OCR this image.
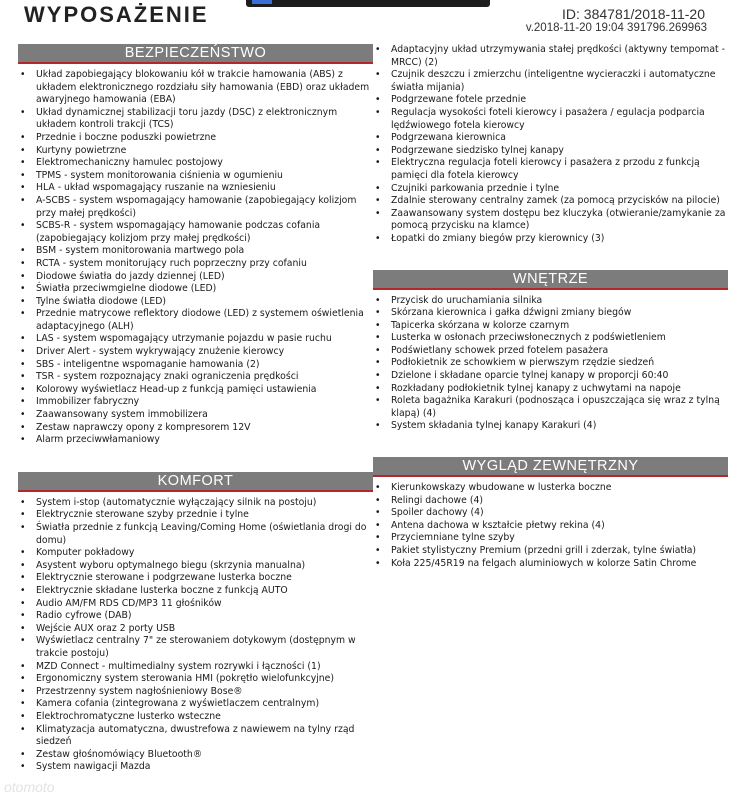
WYPOSAŻENIE	ID: 384781/2018-11-20
v.2018-11-20 19:04 391796.269963
BEZPIECZEŃSTWO
• Układ zapobiegający blokowaniu kół w trakcie hamowania (ABS) z układem elektronicznego rozdziału siły hamowania (EBD) oraz układem awaryjnego hamowania (EBA)
• Układ dynamicznej stabilizacji toru jazdy (DSC) z elektronicznym układem kontroli trakcji (TCS)
• Przednie i boczne poduszki powietrzne
• Kurtyny powietrzne
• Elektromechaniczny hamulec postojowy
• TPMS - system monitorowania ciśnienia w ogumieniu
• HLA - układ wspomagający ruszanie na wzniesieniu
• A-SCBS - system wspomagający hamowanie (zapobiegający kolizjom przy małej prędkości)
• SCBS-R - system wspomagający hamowanie podczas cofania (zapobiegający kolizjom przy małej prędkości)
• BSM - system monitorowania martwego pola
• RCTA - system monitorujący ruch poprzeczny przy cofaniu
• Diodowe światła do jazdy dziennej (LED)
• Światła przeciwmgielne diodowe (LED)
• Tylne światła diodowe (LED)
• Przednie matrycowe reflektory diodowe (LED) z systemem oświetlenia adaptacyjnego (ALH)
• LAS - system wspomagający utrzymanie pojazdu w pasie ruchu
• Driver Alert - system wykrywający znużenie kierowcy
• SBS - inteligentne wspomaganie hamowania (2)
• TSR - system rozpoznający znaki ograniczenia prędkości
• Kolorowy wyświetlacz Head-up z funkcją pamięci ustawienia
• Immobilizer fabryczny
• Zaawansowany system immobilizera
• Zestaw naprawczy opony z kompresorem 12V
• Alarm przeciwwłamaniowy
KOMFORT
• System i-stop (automatycznie wyłączający silnik na postoju)
• Elektrycznie sterowane szyby przednie i tylne
• Światła przednie z funkcją Leaving/Coming Home (oświetlania drogi do domu)
• Komputer pokładowy
• Asystent wyboru optymalnego biegu (skrzynia manualna)
• Elektrycznie sterowane i podgrzewane lusterka boczne
• Elektrycznie składane lusterka boczne z funkcją AUTO
• Audio AM/FM RDS CD/MP3 11 głośników
• Radio cyfrowe (DAB)
• Wejście AUX oraz 2 porty USB
• Wyświetlacz centralny 7" ze sterowaniem dotykowym (dostępnym w trakcie postoju)
• MZD Connect - multimedialny system rozrywki i łączności (1)
• Ergonomiczny system sterowania HMI (pokrętło wielofunkcyjne)
• Przestrzenny system nagłośnieniowy Bose®
• Kamera cofania (zintegrowana z wyświetlaczem centralnym)
• Elektrochromatyczne lusterko wsteczne
• Klimatyzacja automatyczna, dwustrefowa z nawiewem na tylny rząd siedzeń
• Zestaw głośnomówiący Bluetooth®
• System nawigacji Mazda
• Adaptacyjny układ utrzymywania stałej prędkości (aktywny tempomat - MRCC) (2)
• Czujnik deszczu i zmierzchu (inteligentne wycieraczki i automatyczne światła mijania)
• Podgrzewane fotele przednie
• Regulacja wysokości foteli kierowcy i pasażera / egulacja podparcia lędźwiowego fotela kierowcy
• Podgrzewana kierownica
• Podgrzewane siedzisko tylnej kanapy
• Elektryczna regulacja foteli kierowcy i pasażera z przodu z funkcją pamięci dla fotela kierowcy
• Czujniki parkowania przednie i tylne
• Zdalnie sterowany centralny zamek (za pomocą przycisków na pilocie)
• Zaawansowany system dostępu bez kluczyka (otwieranie/zamykanie za pomocą przycisku na klamce)
• Łopatki do zmiany biegów przy kierownicy (3)
WNĘTRZE
• Przycisk do uruchamiania silnika
• Skórzana kierownica i gałka dźwigni zmiany biegów
• Tapicerka skórzana w kolorze czarnym
• Lusterka w osłonach przeciwsłonecznych z podświetleniem
• Podświetlany schowek przed fotelem pasażera
• Podłokietnik ze schowkiem w pierwszym rzędzie siedzeń
• Dzielone i składane oparcie tylnej kanapy w proporcji 60:40
• Rozkładany podłokietnik tylnej kanapy z uchwytami na napoje
• Roleta bagażnika Karakuri (podnosząca i opuszczająca się wraz z tylną klapą) (4)
• System składania tylnej kanapy Karakuri (4)
WYGLĄD ZEWNĘTRZNY
• Kierunkowskazy wbudowane w lusterka boczne
• Relingi dachowe (4)
• Spoiler dachowy (4)
• Antena dachowa w kształcie płetwy rekina (4)
• Przyciemniane tylne szyby
• Pakiet stylistyczny Premium (przedni grill i zderzak, tylne światła)
• Koła 225/45R19 na felgach aluminiowych w kolorze Satin Chrome
otomoto
